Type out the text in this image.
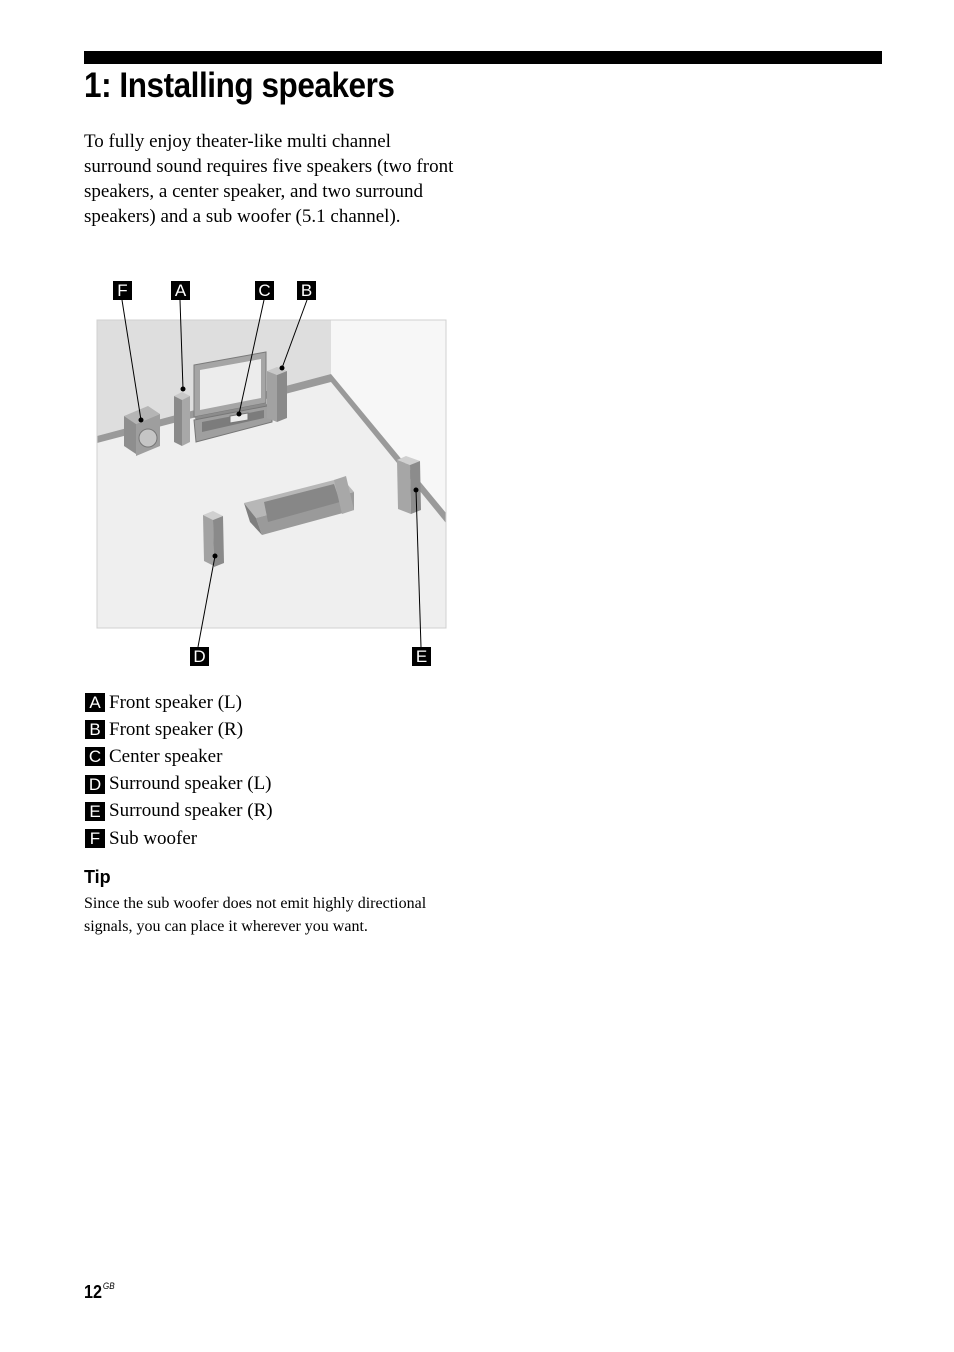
1: Installing speakers

To fully enjoy theater-like multi channel surround sound requires five speakers (two front speakers, a center speaker, and two surround speakers) and a sub woofer (5.1 channel).

F	A	C B
D	E
A Front speaker (L)
B Front speaker (R)
C Center speaker
D Surround speaker (L)
E Surround speaker (R)
F Sub woofer
Tip

Since the sub woofer does not emit highly directional signals, you can place it wherever you want.

$12^{GB}$
